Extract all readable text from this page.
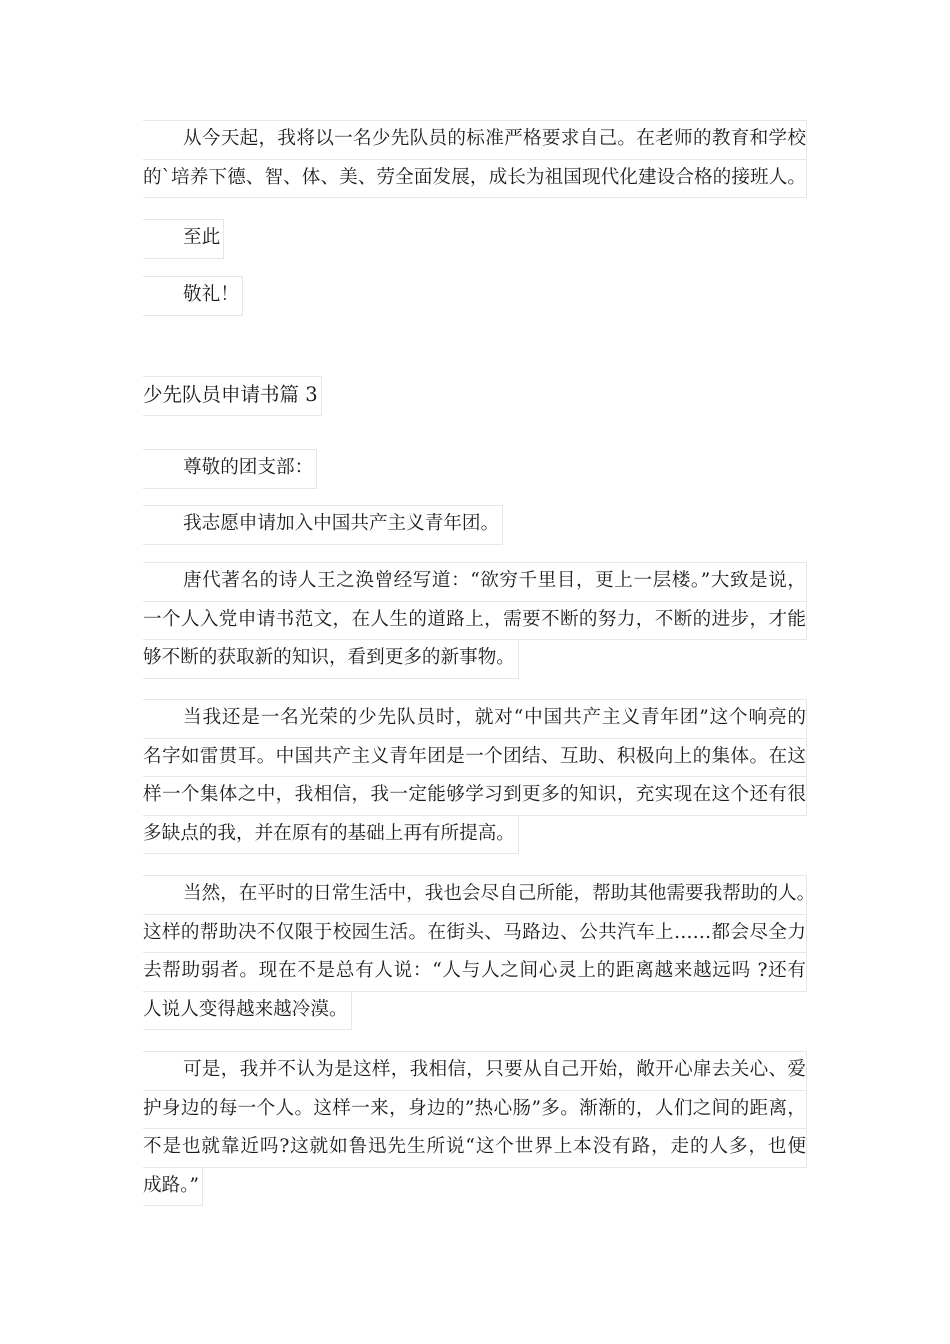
从今天起，我将以一名少先队员的标准严格要求自己。在老师的教育和学校
的`培养下德、智、体、美、劳全面发展，成长为祖国现代化建设合格的接班人。
至此
敬礼！
少先队员申请书篇 3
尊敬的团支部：
我志愿申请加入中国共产主义青年团。
唐代著名的诗人王之涣曾经写道：“欲穷千里目，更上一层楼。”大致是说，
一个人入党申请书范文，在人生的道路上，需要不断的努力，不断的进步，才能
够不断的获取新的知识，看到更多的新事物。
当我还是一名光荣的少先队员时，就对“中国共产主义青年团”这个响亮的
名字如雷贯耳。中国共产主义青年团是一个团结、互助、积极向上的集体。在这
样一个集体之中，我相信，我一定能够学习到更多的知识，充实现在这个还有很
多缺点的我，并在原有的基础上再有所提高。
当然，在平时的日常生活中，我也会尽自己所能，帮助其他需要我帮助的人。
这样的帮助决不仅限于校园生活。在街头、马路边、公共汽车上……都会尽全力
去帮助弱者。现在不是总有人说：“人与人之间心灵上的距离越来越远吗 ?还有
人说人变得越来越冷漠。
可是，我并不认为是这样，我相信，只要从自己开始，敞开心扉去关心、爱
护身边的每一个人。这样一来，身边的”热心肠”多。渐渐的，人们之间的距离，
不是也就靠近吗?这就如鲁迅先生所说“这个世界上本没有路，走的人多，也便
成路。”
